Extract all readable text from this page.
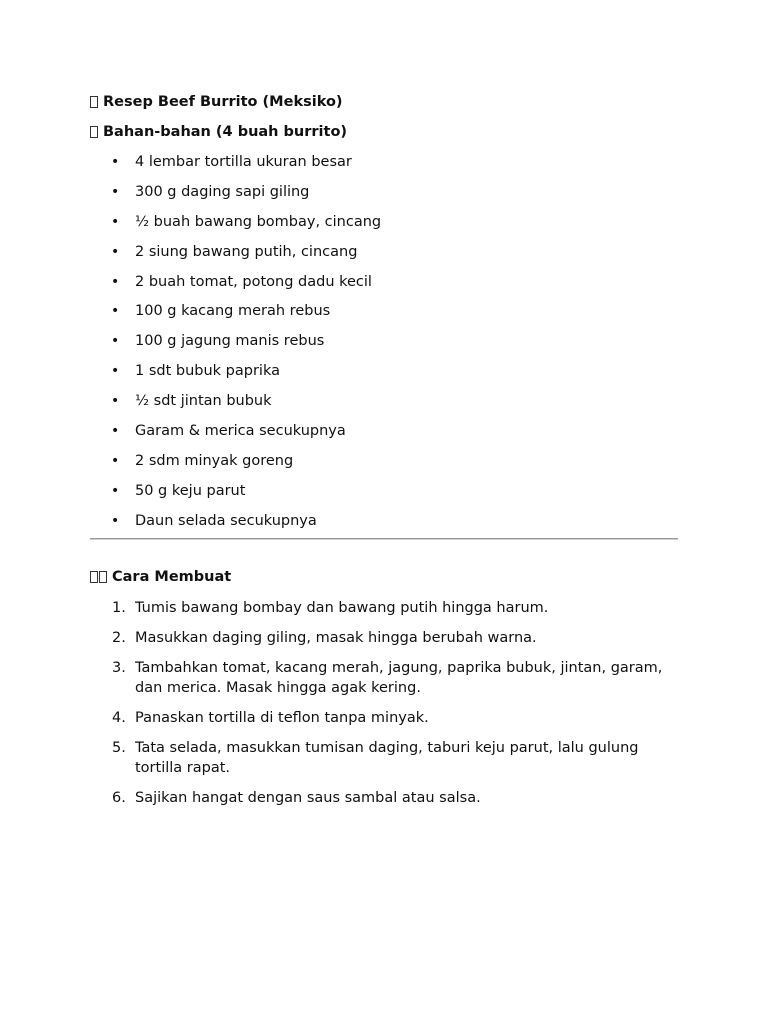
Resep Beef Burrito (Meksiko)
Bahan-bahan (4 buah burrito)
• 4 lembar tortilla ukuran besar
• 300 g daging sapi giling
• ½ buah bawang bombay, cincang
• 2 siung bawang putih, cincang
• 2 buah tomat, potong dadu kecil
• 100 g kacang merah rebus
• 100 g jagung manis rebus
• 1 sdt bubuk paprika
• ½ sdt jintan bubuk
• Garam & merica secukupnya
• 2 sdm minyak goreng
• 50 g keju parut
• Daun selada secukupnya
Cara Membuat
1. Tumis bawang bombay dan bawang putih hingga harum.
2. Masukkan daging giling, masak hingga berubah warna.
3. Tambahkan tomat, kacang merah, jagung, paprika bubuk, jintan, garam, dan merica. Masak hingga agak kering.
4. Panaskan tortilla di teflon tanpa minyak.
5. Tata selada, masukkan tumisan daging, taburi keju parut, lalu gulung tortilla rapat.
6. Sajikan hangat dengan saus sambal atau salsa.
